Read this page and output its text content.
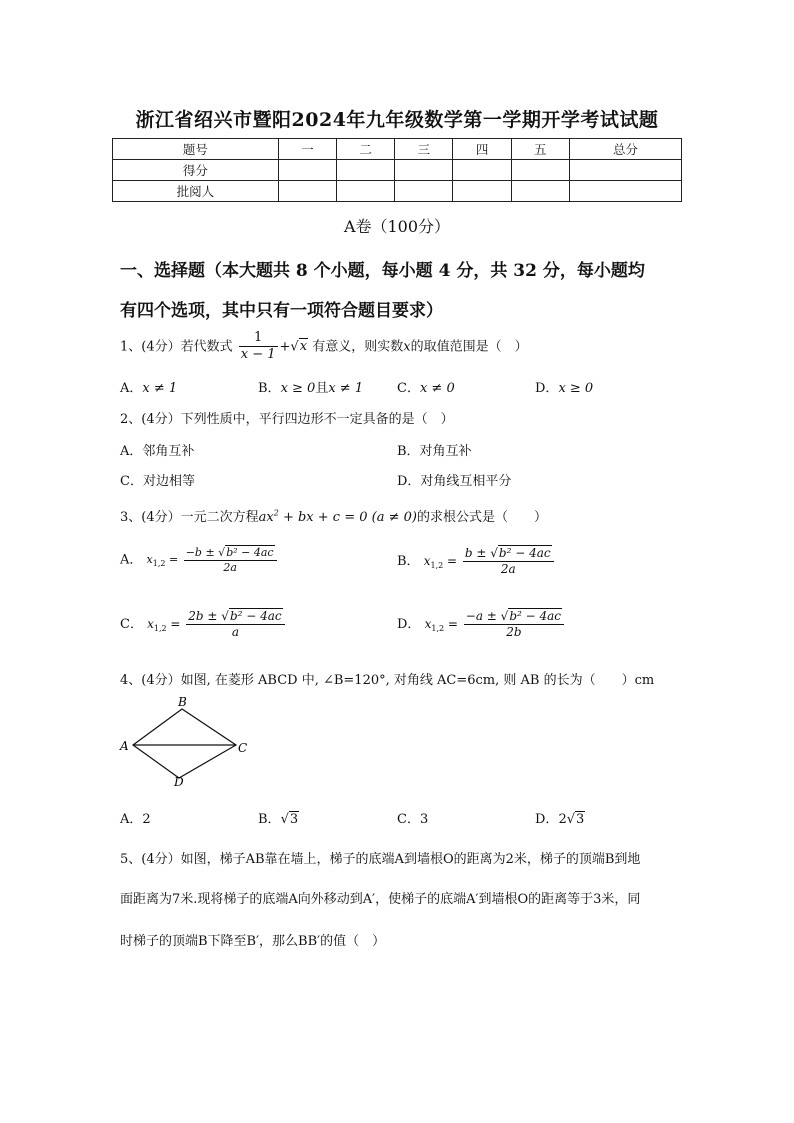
浙江省绍兴市暨阳2024年九年级数学第一学期开学考试试题
题号	一	二	三	四	五	总分
得分						
批阅人						
A卷（100分）
一、选择题（本大题共 8 个小题，每小题 4 分，共 32 分，每小题均
有四个选项，其中只有一项符合题目要求）
1、(4分）若代数式 $\frac{1}{x - 1} +√x$ 有意义，则实数x的取值范围是（　）
A．x ≠ 1	B．x ≥ 0且x ≠ 1	C．x ≠ 0	D．x ≥ 0
2、(4分）下列性质中，平行四边形不一定具备的是（　）
A．邻角互补	B．对角互补
C．对边相等	D．对角线互相平分
3、(4分）一元二次方程$ax^2$ + bx + c = 0 (a ≠ 0)的求根公式是（　　）
A． $x_{1,2} = \frac{\text{−b ± √b² − 4ac}}{2a}$	B． $x_{1,2} = \frac{\text{b ± √b² − 4ac}}{2a}$
C． $x_{1,2} = \frac{\text{2b ± √b² − 4ac}}{a}$	D． $x_{1,2} = \frac{\text{−a ± √b² − 4ac}}{2b}$
4、(4分）如图, 在菱形 ABCD 中, ∠B=120°, 对角线 AC=6cm, 则 AB 的长为（　　）cm
B
A	C
D
A．2	B．√3	C．3	D．2√3
5、(4分）如图，梯子AB靠在墙上，梯子的底端A到墙根O的距离为2米，梯子的顶端B到地
面距离为7米.现将梯子的底端A向外移动到A′，使梯子的底端A′到墙根O的距离等于3米，同
时梯子的顶端B下降至B′，那么BB′的值（　）
